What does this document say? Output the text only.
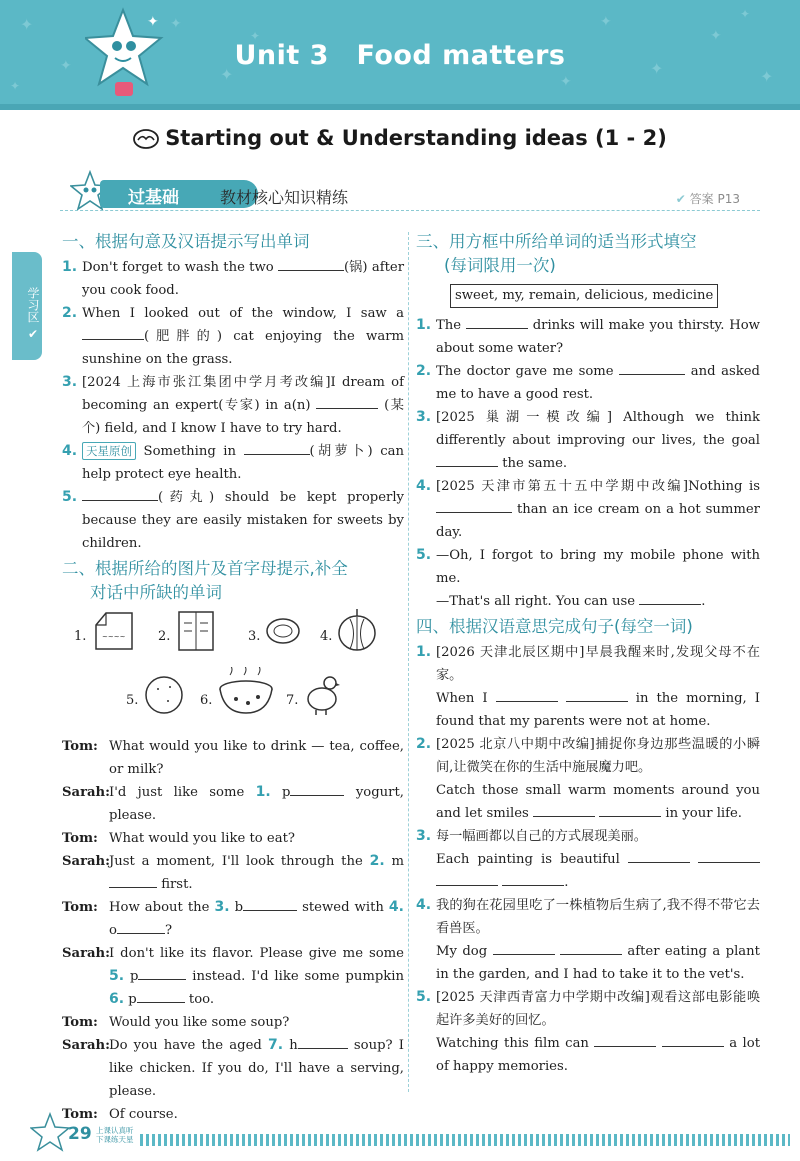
✦
✦
✦
✦
✦
✦
✦
✦
✦
✦
✦
✦
✦
Unit 3 Food matters
Starting out & Understanding ideas (1 - 2)
过基础	教材核心知识精练	✔ 答案 P13
学习区 ✔
一、根据句意及汉语提示写出单词
1. Don't forget to wash the two	(锅) after you cook food.
2. When I looked out of the window, I saw a (肥胖的) cat enjoying the warm sunshine on the grass.
3. [2024 上海市张江集团中学月考改编]I dream of becoming an expert(专家) in a(n)	(某个) field, and I know I have to try hard.
4. 天星原创 Something in	(胡萝卜) can help protect eye health.
5.	(药丸) should be kept properly because they are easily mistaken for sweets by children.
二、根据所给的图片及首字母提示,补全
对话中所缺的单词
1. ~~~~	2.	3.	4.
5.	6.	7.
Tom: What would you like to drink — tea, coffee, or milk?
Sarah:
I'd just like some 1. p	yogurt, please.
Tom: What would you like to eat?
Sarah:
Just a moment, I'll look through the 2. m first.
Tom: How about the 3. b	stewed with 4. o	?
Sarah:
I don't like its flavor. Please give me some 5. p	instead. I'd like some pumpkin 6. p	too.
Tom: Would you like some soup?
Sarah:
Do you have the aged 7. h	soup? I like chicken. If you do, I'll have a serving, please.
Tom: Of course.
三、用方框中所给单词的适当形式填空
(每词限用一次)
sweet, my, remain, delicious, medicine
1. The	drinks will make you thirsty. How about some water?
2. The doctor gave me some	and asked me to have a good rest.
3. [2025 巢湖一模改编] Although we think differently about improving our lives, the goal  the same.
4. [2025 天津市第五十五中学期中改编]Nothing is  than an ice cream on a hot summer day.
5. —Oh, I forgot to bring my mobile phone with me.
—That's all right. You can use	.
四、根据汉语意思完成句子(每空一词)
1. [2026 天津北辰区期中]早晨我醒来时,发现父母不在家。
When I	in the morning, I found that my parents were not at home.
2. [2025 北京八中期中改编]捕捉你身边那些温暖的小瞬间,让微笑在你的生活中施展魔力吧。
Catch those small warm moments around you and let smiles	in your life.
3. 每一幅画都以自己的方式展现美丽。
Each painting is beautiful    .
4. 我的狗在花园里吃了一株植物后生病了,我不得不带它去看兽医。
My dog	after eating a plant in the garden, and I had to take it to the vet's.
5. [2025 天津西青富力中学期中改编]观看这部电影能唤起许多美好的回忆。
Watching this film can	a lot of happy memories.
29 上课认真听
下课练天星
